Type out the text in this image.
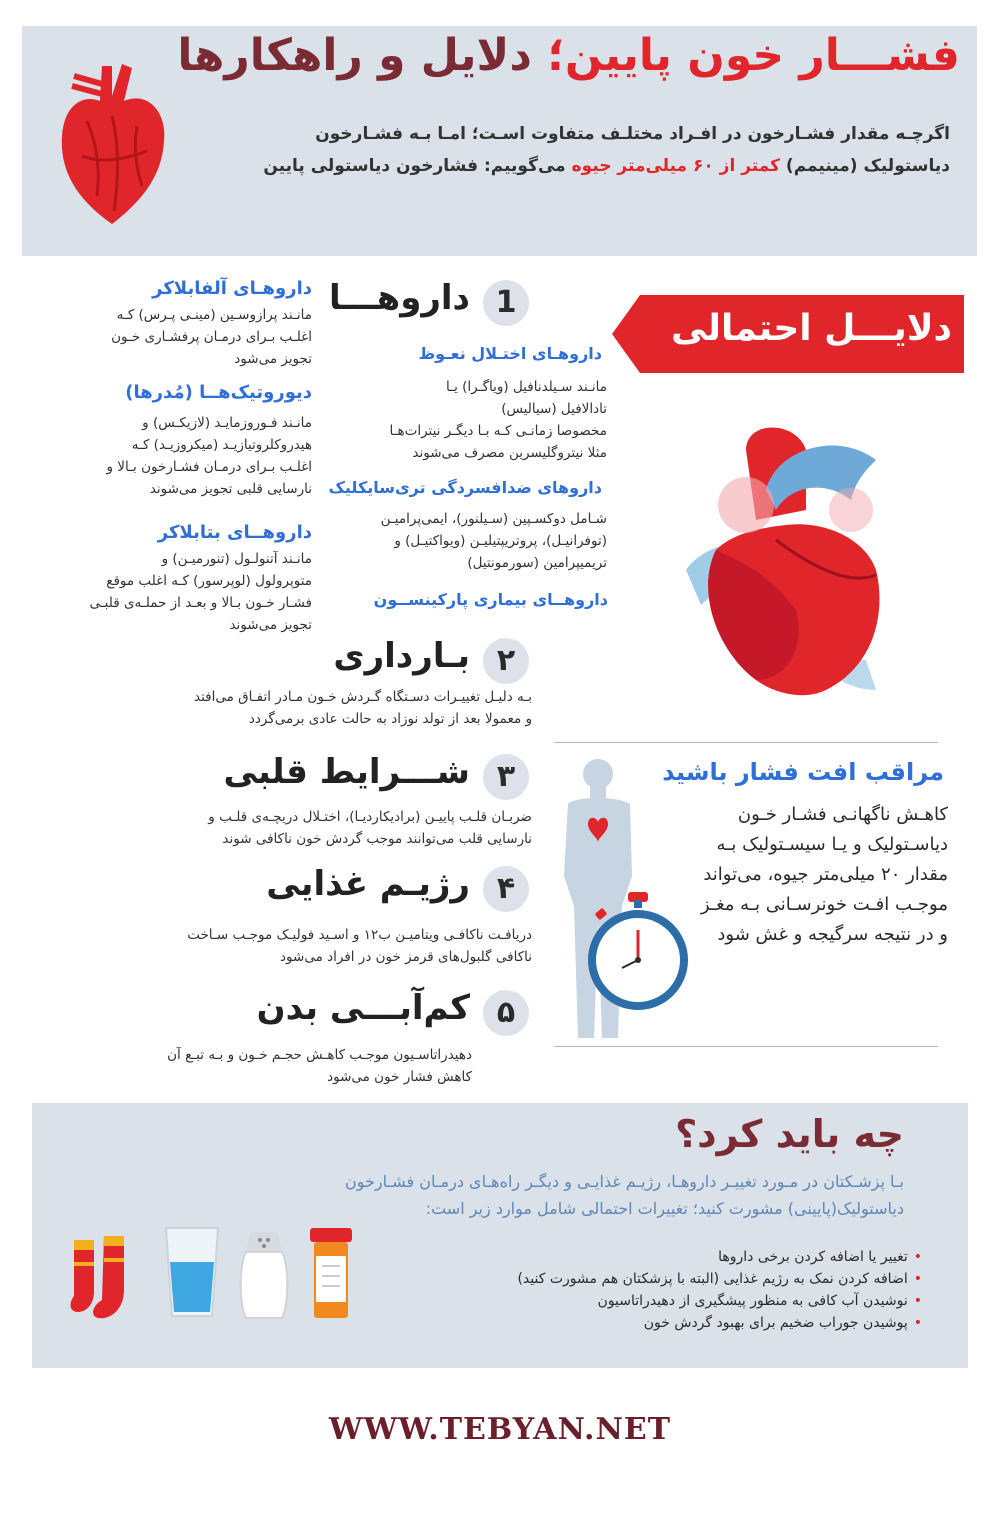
فشـــار خون پایین؛ دلایل و راهکارها
اگرچـه مقدار فشـارخون در افـراد مختلـف متفاوت اسـت؛ امـا بـه فشـارخون
دیاستولیک (مینیمم) کمتر از ۶۰ میلی‌متر جیوه می‌گوییم: فشارخون دیاستولی پایین
دلایـــل احتمالی
1
داروهـــا
داروهـای اختـلال نعـوظ
مانـند سـیلدنافیل (ویاگـرا) یـا
تادالافیل (سیالیس)
مخصوصا زمانـی کـه بـا دیگـر نیترات‌هـا
مثلا نیتروگلیسرین مصرف می‌شوند
داروهای ضدافسردگی تری‌سایکلیک
شـامل دوکسـپین (سـیلنور)، ایمی‌پرامیـن
(توفرانیـل)، پروتریپتیلیـن (ویواکتیـل) و
تریمیپرامین (سورمونتیل)
داروهــای بیماری پارکینســون
داروهـای آلفابلاکر
مانـند پرازوسـین (مینـی پـرس) کـه
اغلـب بـرای درمـان پرفشـاری خـون
تجویز می‌شود
دیوروتیک‌هــا (مُدرها)
مانـند فـوروزمایـد (لازیکـس) و
هیدروکلروتیازیـد (میکروزیـد) کـه
اغلـب بـرای درمـان فشـارخون بـالا و
نارسایی قلبی تجویز می‌شوند
داروهــای بتابلاکر
مانـند آتنولـول (تنورمیـن) و
متوپرولول (لوپرسور) کـه اغلب موقع
فشـار خـون بـالا و بعـد از حملـه‌ی قلبـی
تجویز می‌شوند
۲
بـارداری
بـه دلیـل تغییـرات دسـتگاه گـردش خـون مـادر اتفـاق می‌افتد
و معمولا بعد از تولد نوزاد به حالت عادی برمی‌گردد
۳
شـــرایط قلبی
ضربـان قلـب پاییـن (برادیکاردیـا)، اختـلال دریچـه‌ی قلـب و
نارسایی قلب می‌توانند موجب گردش خون ناکافی شوند
۴
رژیـم غذایی
دریافـت ناکافـی ویتامیـن ب۱۲ و اسـید فولیـک موجـب سـاخت
ناکافی گلبول‌های قرمز خون در افراد می‌شود
۵
کم‌آبـــی بدن
دهیدراتاسـیون موجـب کاهـش حجـم خـون و بـه تبـع آن
کاهش فشار خون می‌شود
مراقب افت فشار باشید
کاهـش ناگهانـی فشـار خـون
دیاسـتولیک و یـا سیسـتولیک بـه
مقدار ۲۰ میلی‌متر جیوه، می‌تواند
موجـب افـت خونرسـانی بـه مغـز
و در نتیجه سرگیجه و غش شود
چه باید کرد؟
بـا پزشـکتان در مـورد تغییـر داروهـا، رژیـم غذایـی و دیگـر راه‌هـای درمـان فشـارخون
دیاستولیک(پایینی) مشورت کنید؛ تغییرات احتمالی شامل موارد زیر است:
• تغییر یا اضافه کردن برخی داروها
• اضافه کردن نمک به رژیم غذایی (البته با پزشکتان هم مشورت کنید)
• نوشیدن آب کافی به منظور پیشگیری از دهیدراتاسیون
• پوشیدن جوراب ضخیم برای بهبود گردش خون
WWW.TEBYAN.NET
